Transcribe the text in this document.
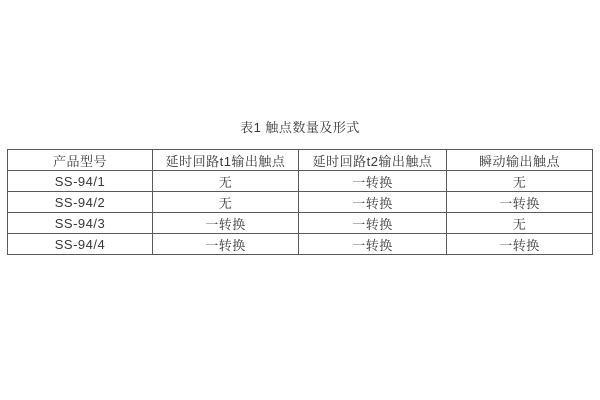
表1 触点数量及形式
产品型号	延时回路t1输出触点	延时回路t2输出触点	瞬动输出触点
SS-94/1	无	一转换	无
SS-94/2	无	一转换	一转换
SS-94/3	一转换	一转换	无
SS-94/4	一转换	一转换	一转换
